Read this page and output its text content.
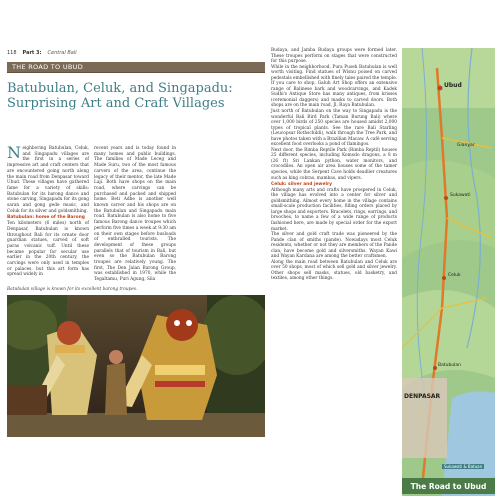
118 Part 3: Central Bali
THE ROAD TO UBUD
Batubulan, Celuk, and Singapadu: Surprising Art and Craft Villages
N eighboring Batubulan, Celuk, and Singapadu villages are the first in a series of impressive art and craft centers that are encountered going north along the main road from Denpasar toward Ubud. These villages have gathered fame for a variety of skills: Batubulan for its barong dance and stone carving, Singapadu for its gong saran and gong gede music, and Celuk for its silver and goldsmithing.
Batubulan: home of the Barong
Ten kilometers (6 miles) north of Denpasar, Batubulan is known throughout Bali for its ornate door guardian statues, carved of soft paras volcanic tuff. Until these became popular for secular use earlier in the 20th century, the carvings were only used in temples or palaces, but this art form has spread widely in
recent years and is today found in many homes and public buildings. The families of Made Leceg and Made Suru, two of the most famous carvers of the area, continue the legacy of their mentor, the late Made Laji. Both have shops on the main road, where carvings can be purchased and packed and shipped home. Beti Adhe is another well known carver and his shops are on the Batubulan and Singapadu main road. Batubulan is also home to five famous Barong dance troupes which perform five times a week at 9:30 am on their own stages before busloads of enthralled tourists. The development of these groups parallels that of tourism in Bali, but even so the Batubulan Barong troupes are relatively young. The first, The Den Jalan Barong Group, was established in 1970, while the Tegaltamu, Puri Agung, Sila
Budaya, and Jamba Budaya groups were formed later. These troupes perform on stages that were constructed for this purpose.
While in the neighborhood, Pura Puseh Batubulan is well worth visiting. Find statues of Wisnu poised on carved pedestals embellished with finely tales paired the temple. If you care to shop, Galuh Art Shop offers an extensive range of Balinese bark and woodcarvings, and Kadek Sudhi's Antique Store has many antiques, from krisses (ceremonial daggers) and masks to carved doors. Both shops are on the main road, Jl. Raya Batubulan.
Just north of Batubulan on the way to Singapadu is the wonderful Bali Bird Park (Taman Burung Bali) where over 1,000 birds of 250 species are housed amidst 2,000 types of tropical plants. See the rare Bali Starling (Leucopsar Rothschildi), walk through the Tree Park, and have photos taken with a Brazilian Macaw. A café serving excellent food overlooks a pond of flamingos.
Next door, the Rimba Reptile Park (Rimba Reptil) houses 25 different species, including Komodo dragons, a 8 m (26 ft) Sri Lankan python, water monitors, and crocodiles. An open air area houses some of the tamer species, while the Serpent Cave holds deadlier creatures such as king cobras, mambas, and vipers.
Celuk: silver and jewelry
Although many arts and crafts have prospered in Celuk, the village has evolved into a center for silver and goldsmithing. Almost every home in the village contains small-scale production facilities, filling orders placed by large shops and exporters. Bracelets, rings, earrings, and brooches, to name a few of a wide range of products fashioned here, are made by special order for the export market.
The silver and gold craft trade was pioneered by the Pande clan of smiths (pande). Nowadays most Celuk residents, whether or not they are members of the Pande clan, have become gold and silversmiths. Wayan Kawi and Wayan Kardana are among the better craftsmen.
Along the main road between Batubulan and Celuk are over 50 shops, most of which sell gold and silver jewelry. Other shops sell masks, statues, old basketry, and textiles, among other things.
Batubulan village is known for its excellent barong troupes.
Ubud
Gianyar
Sukawati
Celuk
Batubulan
DENPASAR
Sukawati & Batuan
The Road to Ubud
